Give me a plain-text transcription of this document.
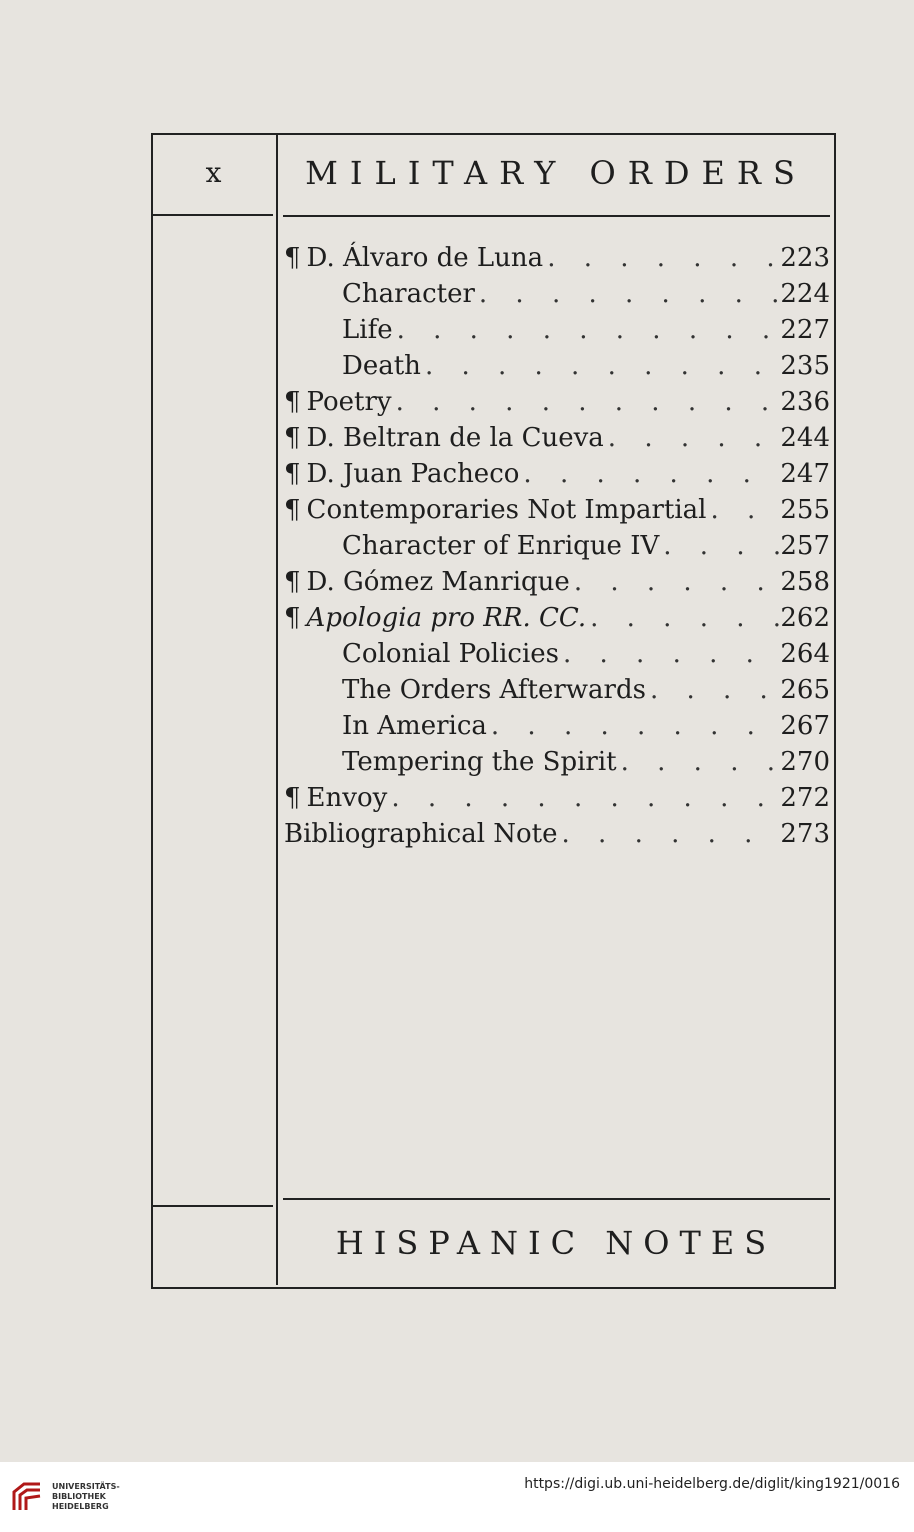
x	MILITARY ORDERS
¶ D. Álvaro de Luna . . .	223
Character . . .	224
Life . . .	227
Death . . .	235
¶ Poetry . . .	236
¶ D. Beltran de la Cueva . . .	244
¶ D. Juan Pacheco . . .	247
¶ Contemporaries Not Impartial . . .	255
Character of Enrique IV . . .	257
¶ D. Gómez Manrique . . .	258
¶ Apologia pro RR. CC. . . .	262
Colonial Policies . . .	264
The Orders Afterwards . . .	265
In America . . .	267
Tempering the Spirit . . .	270
¶ Envoy . . .	272
Bibliographical Note . . .	273
HISPANIC NOTES
UNIVERSITÄTS-
BIBLIOTHEK
HEIDELBERG
https://digi.ub.uni-heidelberg.de/diglit/king1921/0016
